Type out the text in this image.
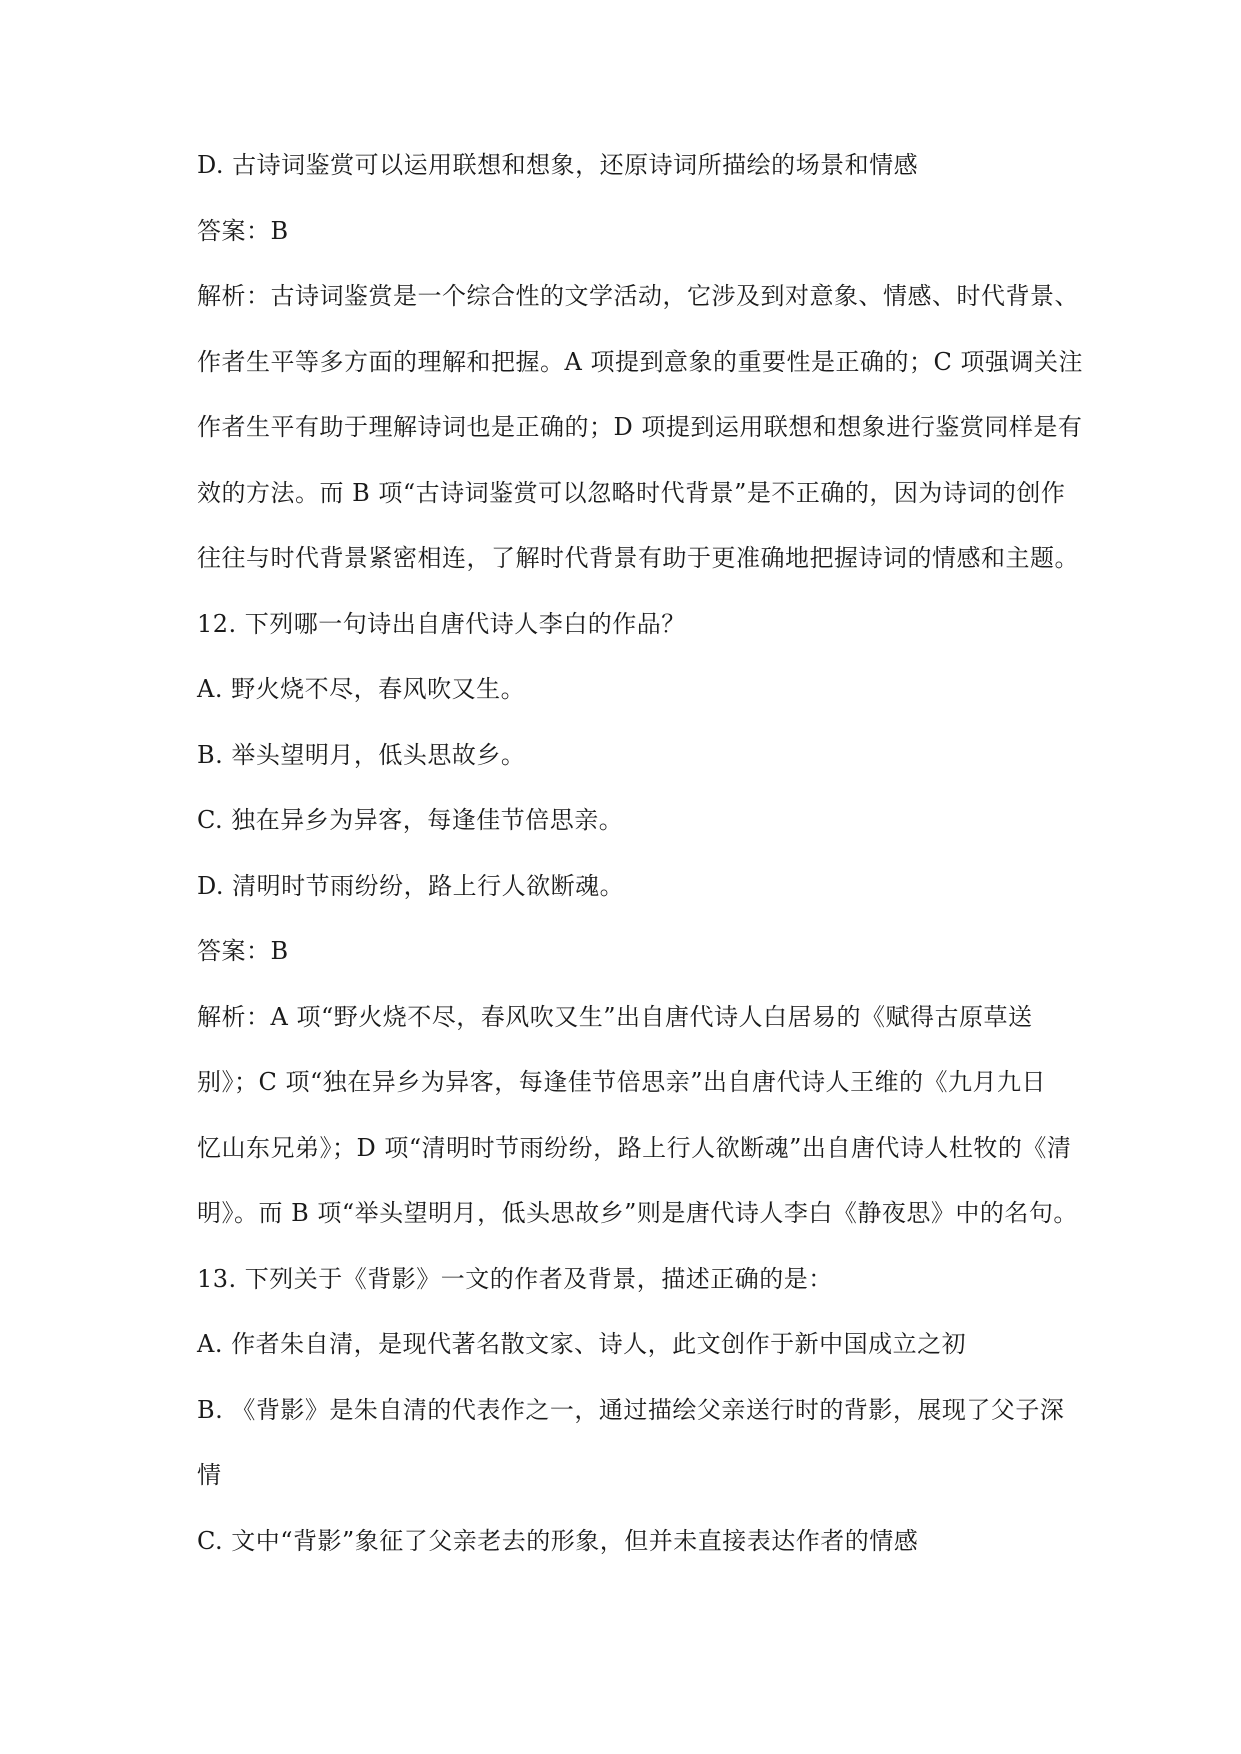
D. 古诗词鉴赏可以运用联想和想象，还原诗词所描绘的场景和情感
答案：B
解析：古诗词鉴赏是一个综合性的文学活动，它涉及到对意象、情感、时代背景、
作者生平等多方面的理解和把握。A 项提到意象的重要性是正确的；C 项强调关注
作者生平有助于理解诗词也是正确的；D 项提到运用联想和想象进行鉴赏同样是有
效的方法。而 B 项“古诗词鉴赏可以忽略时代背景”是不正确的，因为诗词的创作
往往与时代背景紧密相连，了解时代背景有助于更准确地把握诗词的情感和主题。
12. 下列哪一句诗出自唐代诗人李白的作品？
A. 野火烧不尽，春风吹又生。
B. 举头望明月，低头思故乡。
C. 独在异乡为异客，每逢佳节倍思亲。
D. 清明时节雨纷纷，路上行人欲断魂。
答案：B
解析：A 项“野火烧不尽，春风吹又生”出自唐代诗人白居易的《赋得古原草送
别》；C 项“独在异乡为异客，每逢佳节倍思亲”出自唐代诗人王维的《九月九日
忆山东兄弟》；D 项“清明时节雨纷纷，路上行人欲断魂”出自唐代诗人杜牧的《清
明》。而 B 项“举头望明月，低头思故乡”则是唐代诗人李白《静夜思》中的名句。
13. 下列关于《背影》一文的作者及背景，描述正确的是：
A. 作者朱自清，是现代著名散文家、诗人，此文创作于新中国成立之初
B. 《背影》是朱自清的代表作之一，通过描绘父亲送行时的背影，展现了父子深
情
C. 文中“背影”象征了父亲老去的形象，但并未直接表达作者的情感
